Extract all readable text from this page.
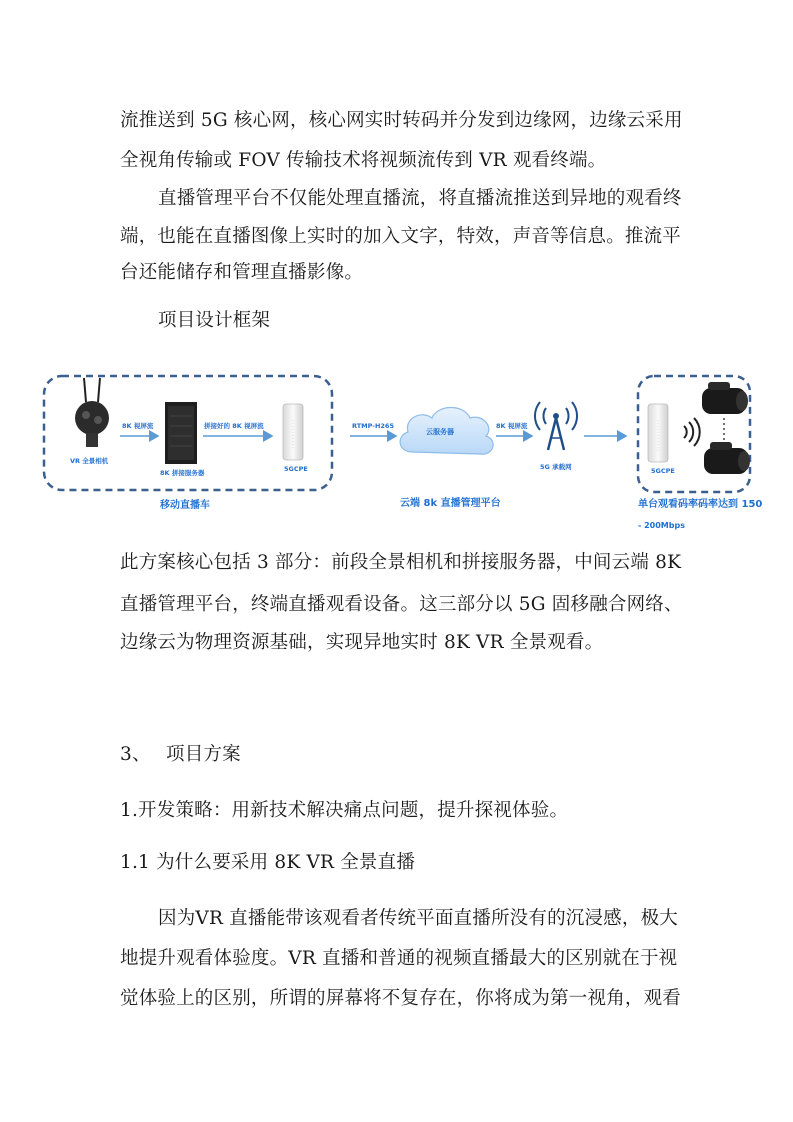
流推送到 5G 核心网，核心网实时转码并分发到边缘网，边缘云采用
全视角传输或 FOV 传输技术将视频流传到 VR 观看终端。
直播管理平台不仅能处理直播流，将直播流推送到异地的观看终
端，也能在直播图像上实时的加入文字，特效，声音等信息。推流平
台还能储存和管理直播影像。
项目设计框架
VR 全景相机
8K 视屏流
8K 拼接服务器
拼接好的 8K 视屏流
5GCPE
移动直播车
RTMP-H265
云服务器
8K 视屏流
5G 承载网
云端 8k 直播管理平台
5GCPE
单台观看码率码率达到 150
- 200Mbps
此方案核心包括 3 部分：前段全景相机和拼接服务器，中间云端 8K
直播管理平台，终端直播观看设备。这三部分以 5G 固移融合网络、
边缘云为物理资源基础，实现异地实时 8K VR 全景观看。
3、 项目方案
1.开发策略：用新技术解决痛点问题，提升探视体验。
1.1 为什么要采用 8K VR 全景直播
因为VR 直播能带该观看者传统平面直播所没有的沉浸感，极大
地提升观看体验度。VR 直播和普通的视频直播最大的区别就在于视
觉体验上的区别，所谓的屏幕将不复存在，你将成为第一视角，观看
